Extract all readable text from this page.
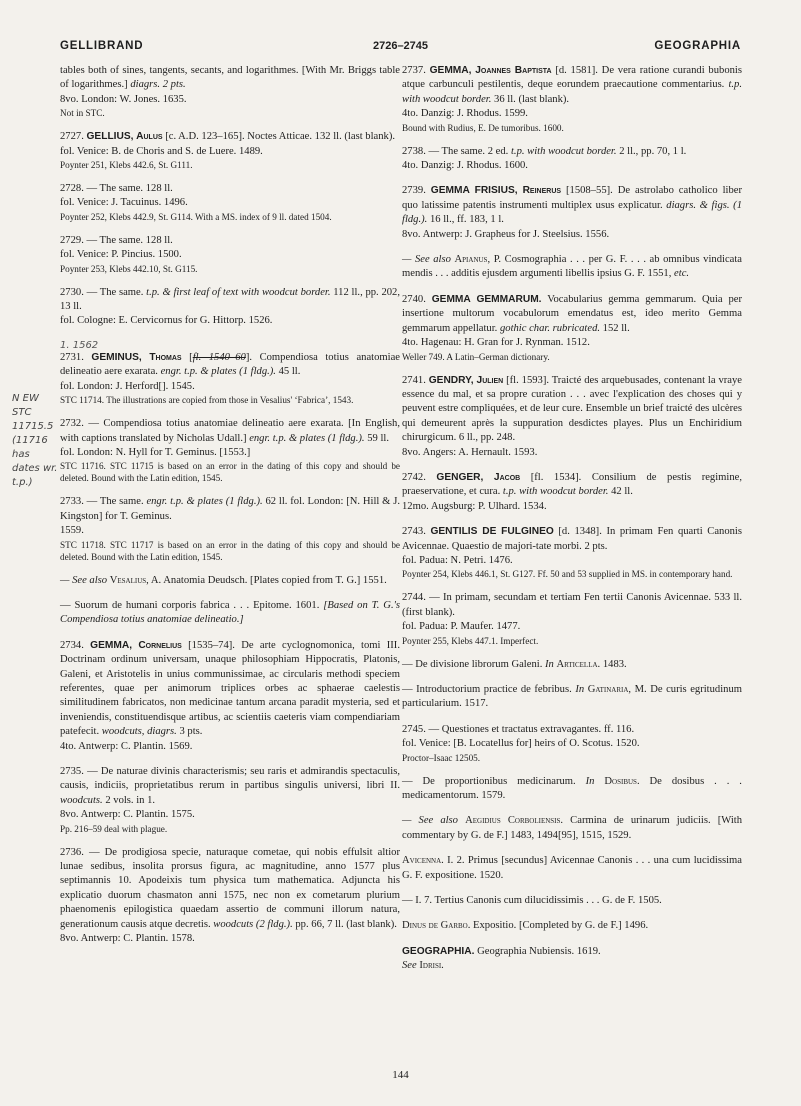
GELLIBRAND	2726–2745	GEOGRAPHIA
N EW STC
11715.5
(11716 has
dates wr. t.p.)

tables both of sines, tangents, secants, and logarithmes. [With Mr. Briggs table of logarithmes.] diagrs. 2 pts.

8vo. London: W. Jones. 1635.

Not in STC.

2727. GELLIUS, Aulus [c. A.D. 123–165]. Noctes Atticae. 132 ll. (last blank).

fol. Venice: B. de Choris and S. de Luere. 1489.

Poynter 251, Klebs 442.6, St. G111.

2728. — The same. 128 ll.

fol. Venice: J. Tacuinus. 1496.

Poynter 252, Klebs 442.9, St. G114. With a MS. index of 9 ll. dated 1504.

2729. — The same. 128 ll.

fol. Venice: P. Pincius. 1500.

Poynter 253, Klebs 442.10, St. G115.

2730. — The same. t.p. & first leaf of text with woodcut border. 112 ll., pp. 202, 13 ll.

fol. Cologne: E. Cervicornus for G. Hittorp. 1526.

1. 1562

2731. GEMINUS, Thomas [fl. 1540–60]. Compendiosa totius anatomiae delineatio aere exarata. engr. t.p. & plates (1 fldg.). 45 ll.

fol. London: J. Herford[]. 1545.

STC 11714. The illustrations are copied from those in Vesalius' ‘Fabrica’, 1543.

2732. — Compendiosa totius anatomiae delineatio aere exarata. [In English, with captions translated by Nicholas Udall.] engr. t.p. & plates (1 fldg.). 59 ll.

fol. London: N. Hyll for T. Geminus. [1553.]

STC 11716. STC 11715 is based on an error in the dating of this copy and should be deleted. Bound with the Latin edition, 1545.

2733. — The same. engr. t.p. & plates (1 fldg.). 62 ll. fol. London: [N. Hill & J. Kingston] for T. Geminus.

1559.

STC 11718. STC 11717 is based on an error in the dating of this copy and should be deleted. Bound with the Latin edition, 1545.

— See also Vesalius, A. Anatomia Deudsch. [Plates copied from T. G.] 1551.

— Suorum de humani corporis fabrica . . . Epitome. 1601. [Based on T. G.'s Compendiosa totius anatomiae delineatio.]

2734. GEMMA, Cornelius [1535–74]. De arte cyclognomonica, tomi III. Doctrinam ordinum universam, unaque philosophiam Hippocratis, Platonis, Galeni, et Aristotelis in unius communissimae, ac circularis methodi speciem referentes, quae per animorum triplices orbes ac sphaerae caelestis similitudinem fabricatos, non medicinae tantum arcana paradit mysteria, sed et inveniendis, constituendisque artibus, ac scientiis caeteris viam compendiariam patefecit. woodcuts, diagrs. 3 pts.

4to. Antwerp: C. Plantin. 1569.

2735. — De naturae divinis characterismis; seu raris et admirandis spectaculis, causis, indiciis, proprietatibus rerum in partibus singulis universi, libri II. woodcuts. 2 vols. in 1.

8vo. Antwerp: C. Plantin. 1575.

Pp. 216–59 deal with plague.

2736. — De prodigiosa specie, naturaque cometae, qui nobis effulsit altior lunae sedibus, insolita prorsus figura, ac magnitudine, anno 1577 plus septimannis 10. Apodeixis tum physica tum mathematica. Adjuncta his explicatio duorum chasmaton anni 1575, nec non ex cometarum plurium phaenomenis epilogistica quaedam assertio de communi illorum natura, generationum causis atque decretis. woodcuts (2 fldg.). pp. 66, 7 ll. (last blank).

8vo. Antwerp: C. Plantin. 1578.

2737. GEMMA, Joannes Baptista [d. 1581]. De vera ratione curandi bubonis atque carbunculi pestilentis, deque eorundem praecautione commentarius. t.p. with woodcut border. 36 ll. (last blank).

4to. Danzig: J. Rhodus. 1599.

Bound with Rudius, E. De tumoribus. 1600.

2738. — The same. 2 ed. t.p. with woodcut border. 2 ll., pp. 70, 1 l.

4to. Danzig: J. Rhodus. 1600.

2739. GEMMA FRISIUS, Reinerus [1508–55]. De astrolabo catholico liber quo latissime patentis instrumenti multiplex usus explicatur. diagrs. & figs. (1 fldg.). 16 ll., ff. 183, 1 l.

8vo. Antwerp: J. Grapheus for J. Steelsius. 1556.

— See also Apianus, P. Cosmographia . . . per G. F. . . . ab omnibus vindicata mendis . . . additis ejusdem argumenti libellis ipsius G. F. 1551, etc.

2740. GEMMA GEMMARUM. Vocabularius gemma gemmarum. Quia per insertione multorum vocabulorum emendatus est, ideo merito Gemma gemmarum appellatur. gothic char. rubricated. 152 ll.

4to. Hagenau: H. Gran for J. Rynman. 1512.

Weller 749. A Latin–German dictionary.

2741. GENDRY, Julien [fl. 1593]. Traicté des arquebusades, contenant la vraye essence du mal, et sa propre curation . . . avec l'explication des choses qui y peuvent estre compliquées, et de leur cure. Ensemble un brief traicté des ulcères qui demeurent après la suppuration desdictes playes. Plus un Enchiridium chirurgicum. 6 ll., pp. 248.

8vo. Angers: A. Hernault. 1593.

2742. GENGER, Jacob [fl. 1534]. Consilium de pestis regimine, praeservatione, et cura. t.p. with woodcut border. 42 ll.

12mo. Augsburg: P. Ulhard. 1534.

2743. GENTILIS DE FULGINEO [d. 1348]. In primam Fen quarti Canonis Avicennae. Quaestio de majori-tate morbi. 2 pts.

fol. Padua: N. Petri. 1476.

Poynter 254, Klebs 446.1, St. G127. Ff. 50 and 53 supplied in MS. in contemporary hand.

2744. — In primam, secundam et tertiam Fen tertii Canonis Avicennae. 533 ll. (first blank).

fol. Padua: P. Maufer. 1477.

Poynter 255, Klebs 447.1. Imperfect.

— De divisione librorum Galeni. In Articella. 1483.

— Introductorium practice de febribus. In Gatinaria, M. De curis egritudinum particularium. 1517.

2745. — Questiones et tractatus extravagantes. ff. 116.

fol. Venice: [B. Locatellus for] heirs of O. Scotus. 1520.

Proctor–Isaac 12505.

— De proportionibus medicinarum. In Dosibus. De dosibus . . . medicamentorum. 1579.

— See also Aegidius Corboliensis. Carmina de urinarum judiciis. [With commentary by G. de F.] 1483, 1494[95], 1515, 1529.

Avicenna. I. 2. Primus [secundus] Avicennae Canonis . . . una cum lucidissima G. F. expositione. 1520.

— I. 7. Tertius Canonis cum dilucidissimis . . . G. de F. 1505.

Dinus de Garbo. Expositio. [Completed by G. de F.] 1496.

GEOGRAPHIA. Geographia Nubiensis. 1619.
See Idrisi.

144
